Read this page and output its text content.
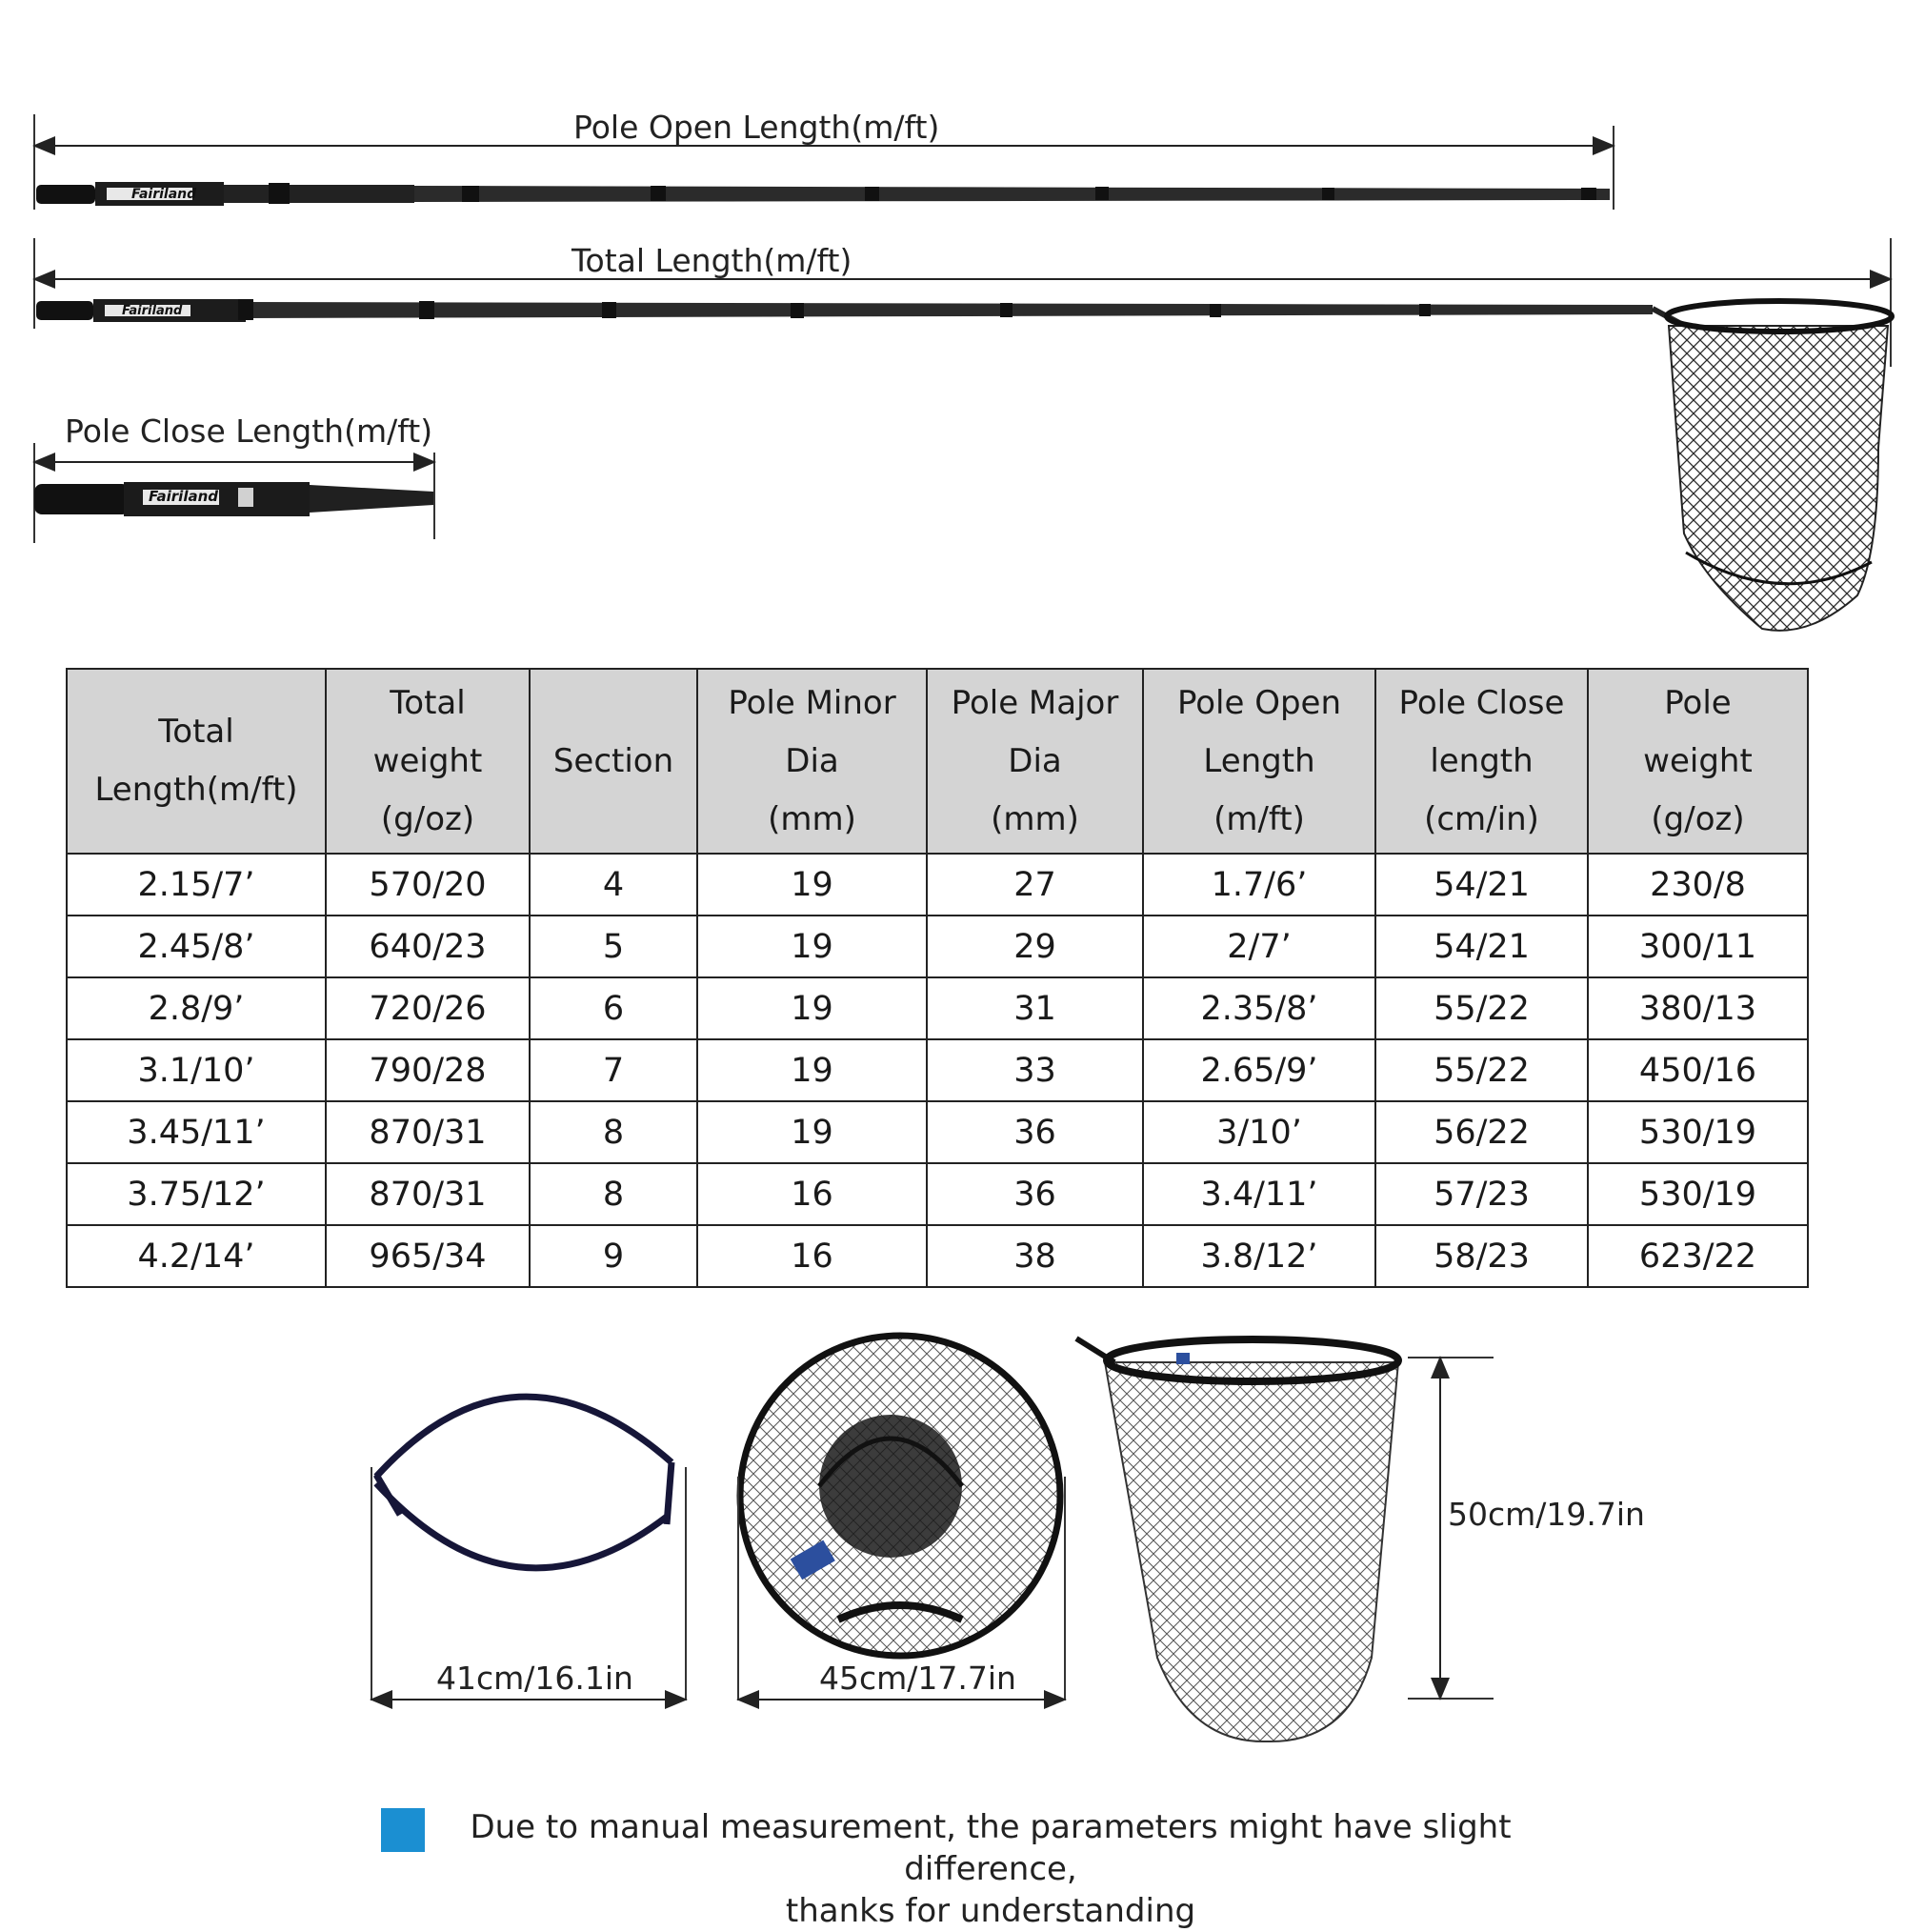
Pole Open Length(m/ft)
Total Length(m/ft)
Pole Close Length(m/ft)
Fairiland
Fairiland
Fairiland
Total
Length(m/ft)	Total
weight
(g/oz)	Section	Pole Minor
Dia
(mm)	Pole Major
Dia
(mm)	Pole Open
Length
(m/ft)	Pole Close
length
(cm/in)	Pole
weight
(g/oz)
2.15/7’	570/20	4	19	27	1.7/6’	54/21	230/8
2.45/8’	640/23	5	19	29	2/7’	54/21	300/11
2.8/9’	720/26	6	19	31	2.35/8’	55/22	380/13
3.1/10’	790/28	7	19	33	2.65/9’	55/22	450/16
3.45/11’	870/31	8	19	36	3/10’	56/22	530/19
3.75/12’	870/31	8	16	36	3.4/11’	57/23	530/19
4.2/14’	965/34	9	16	38	3.8/12’	58/23	623/22
41cm/16.1in	45cm/17.7in
50cm/19.7in
Due to manual measurement, the parameters might have slight difference,
thanks for understanding
